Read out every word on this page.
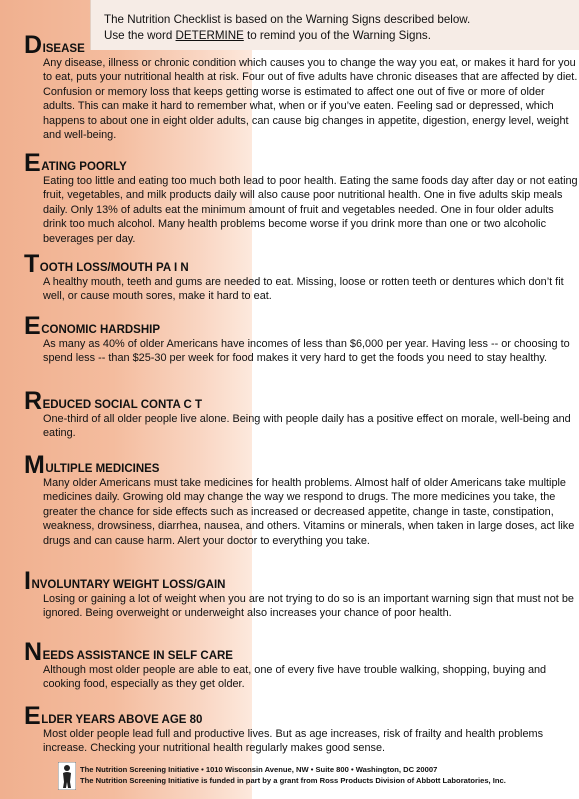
The Nutrition Checklist is based on the Warning Signs described below.
Use the word DETERMINE to remind you of the Warning Signs.
D ISEASE

Any disease, illness or chronic condition which causes you to change the way you eat, or makes it hard for you to eat, puts your nutritional health at risk. Four out of five adults have chronic diseases that are affected by diet. Confusion or memory loss that keeps getting worse is estimated to affect one out of five or more of older adults. This can make it hard to remember what, when or if you’ve eaten. Feeling sad or depressed, which happens to about one in eight older adults, can cause big changes in appetite, digestion, energy level, weight and well-being.

E ATING POORLY

Eating too little and eating too much both lead to poor health. Eating the same foods day after day or not eating fruit, vegetables, and milk products daily will also cause poor nutritional health. One in five adults skip meals daily. Only 13% of adults eat the minimum amount of fruit and vegetables needed. One in four older adults drink too much alcohol. Many health problems become worse if you drink more than one or two alcoholic beverages per day.

T OOTH LOSS/MOUTH PA I N

A healthy mouth, teeth and gums are needed to eat. Missing, loose or rotten teeth or dentures which don’t fit well, or cause mouth sores, make it hard to eat.

E CONOMIC HARDSHIP

As many as 40% of older Americans have incomes of less than $6,000 per year. Having less -- or choosing to spend less -- than $25-30 per week for food makes it very hard to get the foods you need to stay healthy.

R EDUCED SOCIAL CONTA C T

One-third of all older people live alone. Being with people daily has a positive effect on morale, well-being and eating.

M ULTIPLE MEDICINES

Many older Americans must take medicines for health problems. Almost half of older Americans take multiple medicines daily. Growing old may change the way we respond to drugs. The more medicines you take, the greater the chance for side effects such as increased or decreased appetite, change in taste, constipation, weakness, drowsiness, diarrhea, nausea, and others. Vitamins or minerals, when taken in large doses, act like drugs and can cause harm. Alert your doctor to everything you take.

I NVOLUNTARY WEIGHT LOSS/GAIN

Losing or gaining a lot of weight when you are not trying to do so is an important warning sign that must not be ignored. Being overweight or underweight also increases your chance of poor health.

N EEDS ASSISTANCE IN SELF CARE

Although most older people are able to eat, one of every five have trouble walking, shopping, buying and cooking food, especially as they get older.

E LDER YEARS ABOVE AGE 80

Most older people lead full and productive lives. But as age increases, risk of frailty and health problems increase. Checking your nutritional health regularly makes good sense.

The Nutrition Screening Initiative • 1010 Wisconsin Avenue, NW • Suite 800 • Washington, DC 20007
The Nutrition Screening Initiative is funded in part by a grant from Ross Products Division of Abbott Laboratories, Inc.
